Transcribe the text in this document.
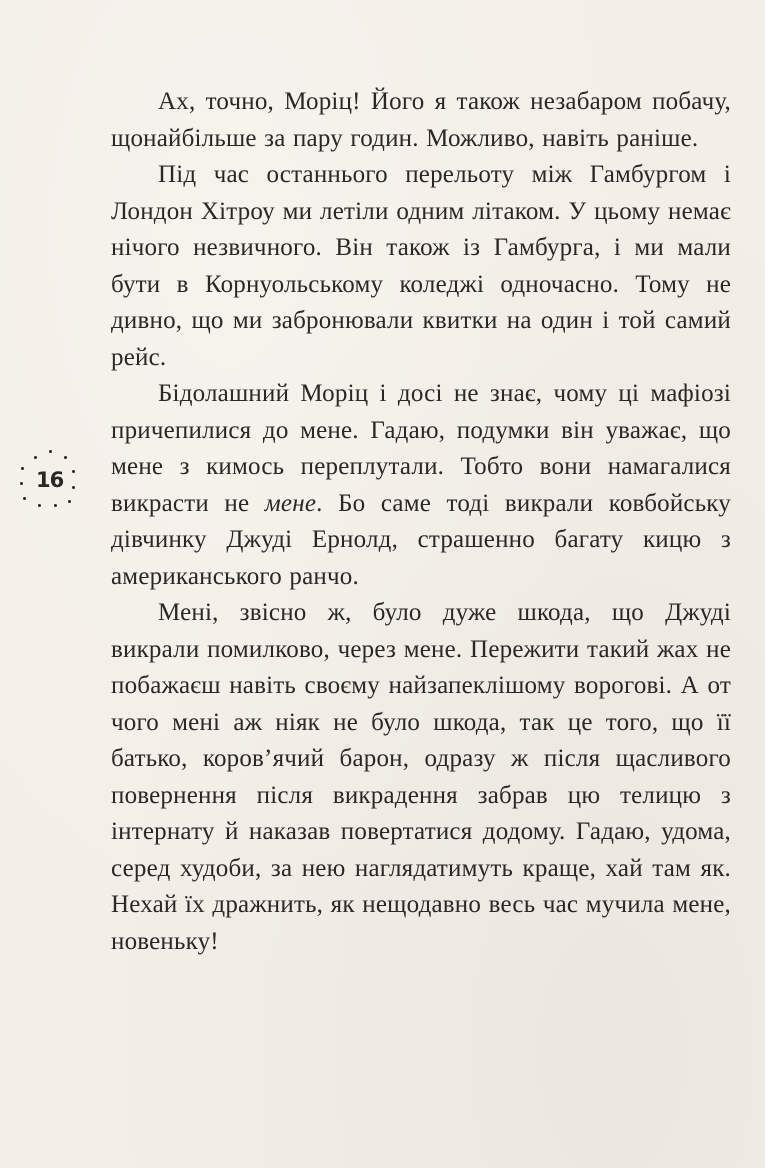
16

Ах, точно, Моріц! Його я також незабаром побачу, щонайбільше за пару годин. Можливо, навіть раніше.

Під час останнього перельоту між Гамбургом і Лондон Хітроу ми летіли одним літаком. У цьому немає нічого незвичного. Він також із Гамбурга, і ми мали бути в Корнуольському коледжі одночасно. Тому не дивно, що ми забронювали квитки на один і той самий рейс.

Бідолашний Моріц і досі не знає, чому ці мафіозі причепилися до мене. Гадаю, подумки він уважає, що мене з кимось переплутали. Тобто вони намагалися викрасти не мене. Бо саме тоді викрали ковбойську дівчинку Джуді Ернолд, страшенно багату кицю з американського ранчо.

Мені, звісно ж, було дуже шкода, що Джуді викрали помилково, через мене. Пережити такий жах не побажаєш навіть своєму найзапеклішому ворогові. А от чого мені аж ніяк не було шкода, так це того, що її батько, коров’ячий барон, одразу ж після щасливого повернення після викрадення забрав цю телицю з інтернату й наказав повертатися додому. Гадаю, удома, серед худоби, за нею наглядатимуть краще, хай там як. Нехай їх дражнить, як нещодавно весь час мучила мене, новеньку!
